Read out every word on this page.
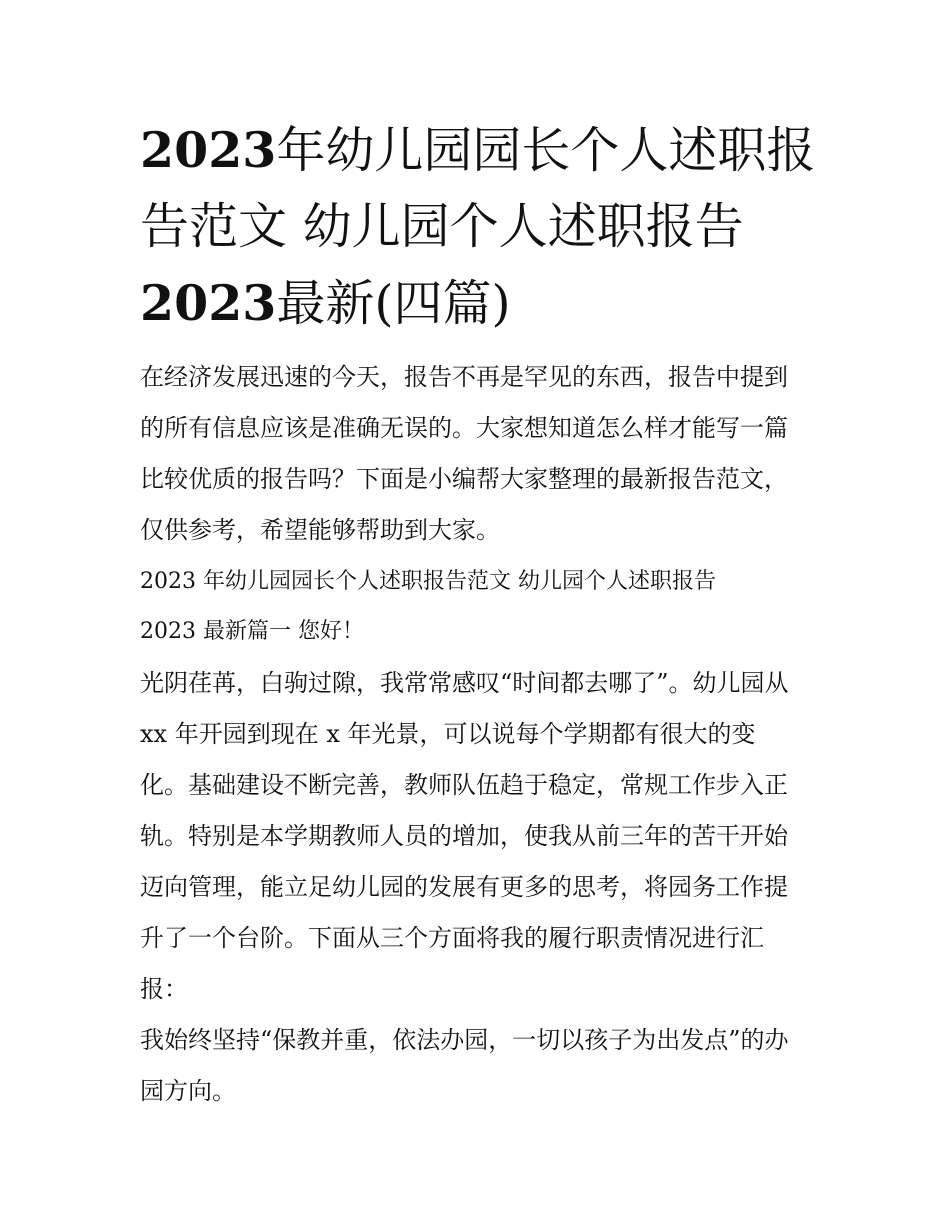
2023年幼儿园园长个人述职报
告范文 幼儿园个人述职报告
2023最新(四篇)

在经济发展迅速的今天，报告不再是罕见的东西，报告中提到

的所有信息应该是准确无误的。大家想知道怎么样才能写一篇

比较优质的报告吗？下面是小编帮大家整理的最新报告范文，

仅供参考，希望能够帮助到大家。

2023 年幼儿园园长个人述职报告范文 幼儿园个人述职报告

2023 最新篇一 您好！

光阴荏苒，白驹过隙，我常常感叹“时间都去哪了”。幼儿园从

xx 年开园到现在 x 年光景，可以说每个学期都有很大的变

化。基础建设不断完善，教师队伍趋于稳定，常规工作步入正

轨。特别是本学期教师人员的增加，使我从前三年的苦干开始

迈向管理，能立足幼儿园的发展有更多的思考，将园务工作提

升了一个台阶。下面从三个方面将我的履行职责情况进行汇

报：

我始终坚持“保教并重，依法办园，一切以孩子为出发点”的办

园方向。
